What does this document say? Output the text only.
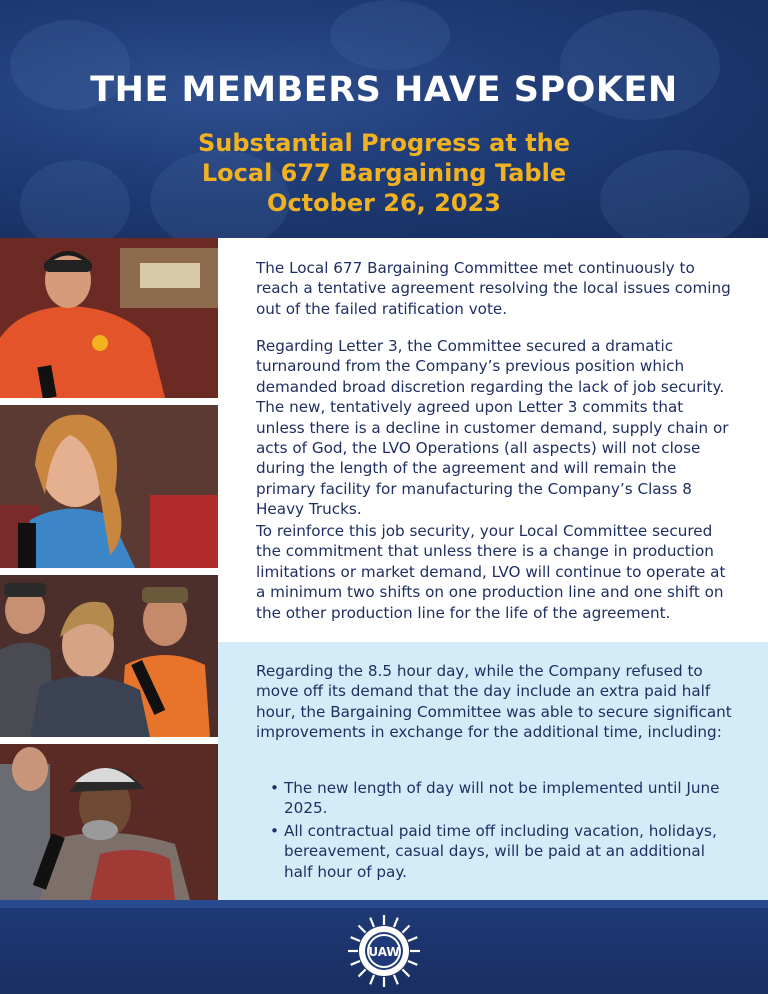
THE MEMBERS HAVE SPOKEN
Substantial Progress at the
Local 677 Bargaining Table
October 26, 2023

The Local 677 Bargaining Committee met continuously to reach a tentative agreement resolving the local issues coming out of the failed ratification vote.

Regarding Letter 3, the Committee secured a dramatic turnaround from the Company’s previous position which demanded broad discretion regarding the lack of job security. The new, tentatively agreed upon Letter 3 commits that unless there is a decline in customer demand, supply chain or acts of God, the LVO Operations (all aspects) will not close during the length of the agreement and will remain the primary facility for manufacturing the Company’s Class 8 Heavy Trucks.

To reinforce this job security, your Local Committee secured the commitment that unless there is a change in production limitations or market demand, LVO will continue to operate at a minimum two shifts on one production line and one shift on the other production line for the life of the agreement.

Regarding the 8.5 hour day, while the Company refused to move off its demand that the day include an extra paid half hour, the Bargaining Committee was able to secure significant improvements in exchange for the additional time, including:

• The new length of day will not be implemented until June 2025.
• All contractual paid time off including vacation, holidays, bereavement, casual days, will be paid at an additional half hour of pay.
UAW
